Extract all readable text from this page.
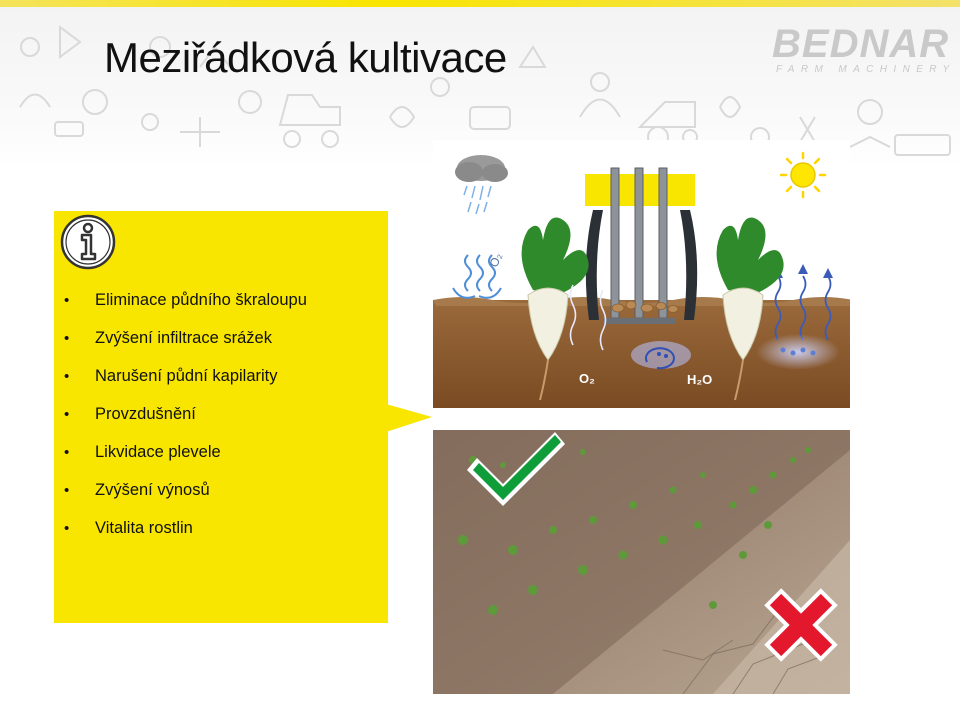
Meziřádková kultivace	BEDNAR
FARM MACHINERY
•	Eliminace půdního škraloupu
•	Zvýšení infiltrace srážek
•	Narušení půdní kapilarity
•	Provzdušnění
•	Likvidace plevele
•	Zvýšení výnosů
•	Vitalita rostlin
O₂
O₂	H₂O
